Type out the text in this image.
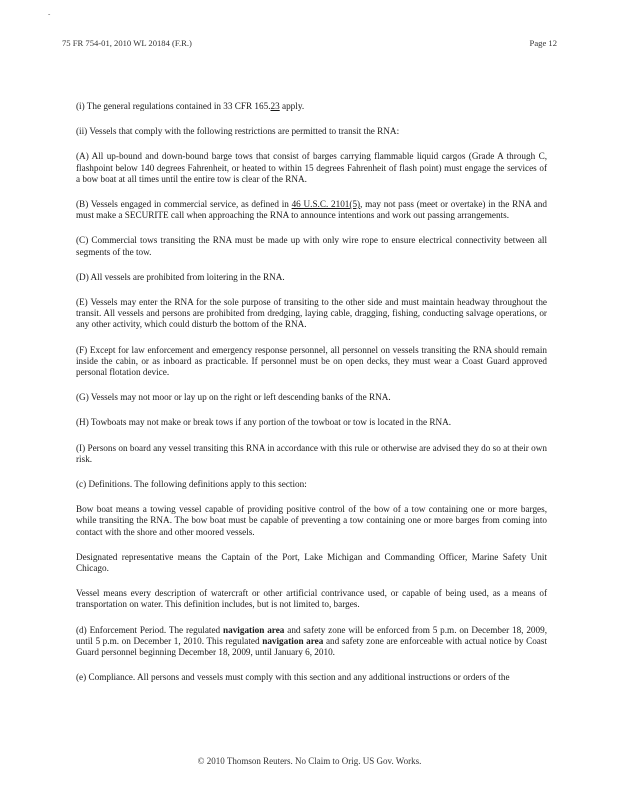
-
75 FR 754-01, 2010 WL 20184 (F.R.)	Page 12

(i) The general regulations contained in 33 CFR 165.23 apply.

(ii) Vessels that comply with the following restrictions are permitted to transit the RNA:

(A) All up-bound and down-bound barge tows that consist of barges carrying flammable liquid cargos (Grade A through C, flashpoint below 140 degrees Fahrenheit, or heated to within 15 degrees Fahrenheit of flash point) must engage the services of a bow boat at all times until the entire tow is clear of the RNA.

(B) Vessels engaged in commercial service, as defined in 46 U.S.C. 2101(5), may not pass (meet or overtake) in the RNA and must make a SECURITE call when approaching the RNA to announce intentions and work out passing arrangements.

(C) Commercial tows transiting the RNA must be made up with only wire rope to ensure electrical connectivity between all segments of the tow.

(D) All vessels are prohibited from loitering in the RNA.

(E) Vessels may enter the RNA for the sole purpose of transiting to the other side and must maintain headway throughout the transit. All vessels and persons are prohibited from dredging, laying cable, dragging, fishing, conducting salvage operations, or any other activity, which could disturb the bottom of the RNA.

(F) Except for law enforcement and emergency response personnel, all personnel on vessels transiting the RNA should remain inside the cabin, or as inboard as practicable. If personnel must be on open decks, they must wear a Coast Guard approved personal flotation device.

(G) Vessels may not moor or lay up on the right or left descending banks of the RNA.

(H) Towboats may not make or break tows if any portion of the towboat or tow is located in the RNA.

(I) Persons on board any vessel transiting this RNA in accordance with this rule or otherwise are advised they do so at their own risk.

(c) Definitions. The following definitions apply to this section:

Bow boat means a towing vessel capable of providing positive control of the bow of a tow containing one or more barges, while transiting the RNA. The bow boat must be capable of preventing a tow containing one or more barges from coming into contact with the shore and other moored vessels.

Designated representative means the Captain of the Port, Lake Michigan and Commanding Officer, Marine Safety Unit Chicago.

Vessel means every description of watercraft or other artificial contrivance used, or capable of being used, as a means of transportation on water. This definition includes, but is not limited to, barges.

(d) Enforcement Period. The regulated navigation area and safety zone will be enforced from 5 p.m. on December 18, 2009, until 5 p.m. on December 1, 2010. This regulated navigation area and safety zone are enforceable with actual notice by Coast Guard personnel beginning December 18, 2009, until January 6, 2010.

(e) Compliance. All persons and vessels must comply with this section and any additional instructions or orders of the

© 2010 Thomson Reuters. No Claim to Orig. US Gov. Works.
